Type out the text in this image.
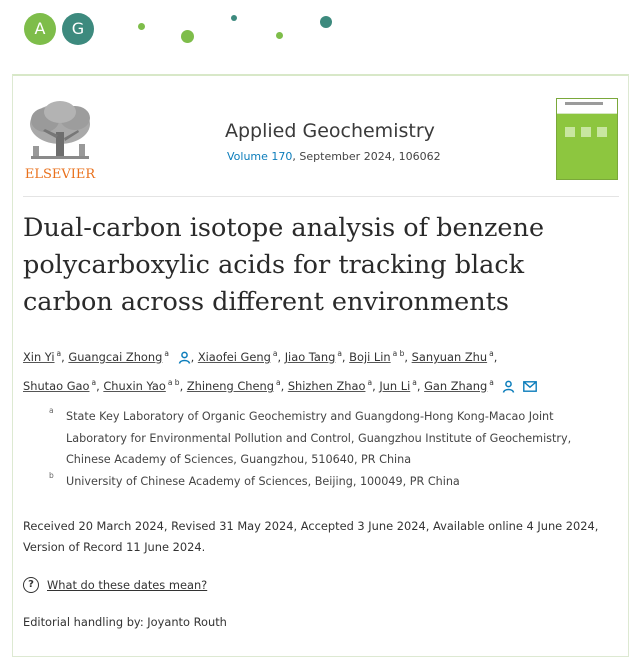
A	G
ELSEVIER
Applied Geochemistry
Volume 170, September 2024, 106062
Dual-carbon isotope analysis of benzene polycarboxylic acids for tracking black carbon across different environments
Xin Yi $^a$, Guangcai Zhong $^a$ , Xiaofei Geng $^a$, Jiao Tang $^a$, Boji Lin $^{a b}$, Sanyuan Zhu $^a$,
Shutao Gao $^a$, Chuxin Yao $^{a b}$, Zhineng Cheng $^a$, Shizhen Zhao $^a$, Jun Li $^a$, Gan Zhang $^a$
a State Key Laboratory of Organic Geochemistry and Guangdong-Hong Kong-Macao Joint Laboratory for Environmental Pollution and Control, Guangzhou Institute of Geochemistry, Chinese Academy of Sciences, Guangzhou, 510640, PR China
b University of Chinese Academy of Sciences, Beijing, 100049, PR China
Received 20 March 2024, Revised 31 May 2024, Accepted 3 June 2024, Available online 4 June 2024, Version of Record 11 June 2024.
? What do these dates mean?
Editorial handling by: Joyanto Routh
